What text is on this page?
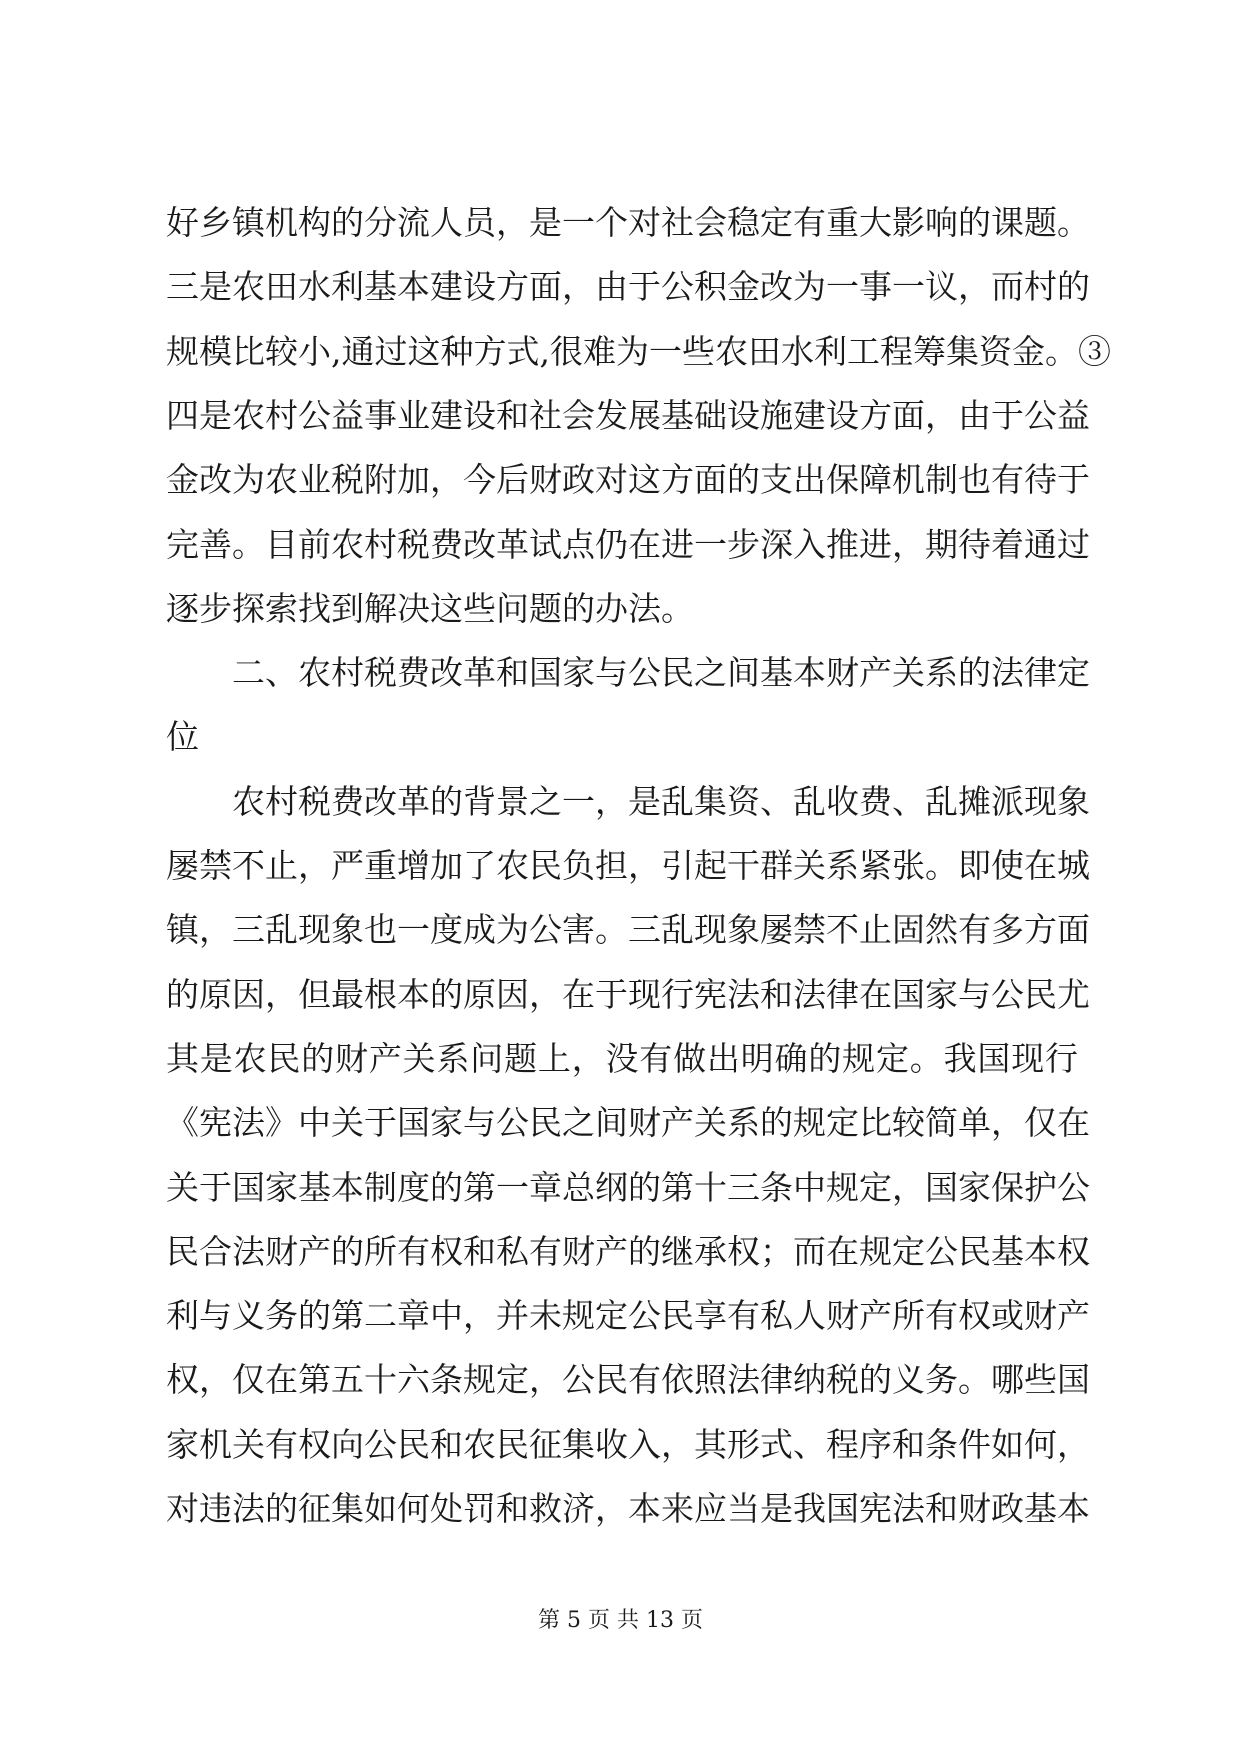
好乡镇机构的分流人员，是一个对社会稳定有重大影响的课题。
三是农田水利基本建设方面，由于公积金改为一事一议，而村的
规模比较小,通过这种方式,很难为一些农田水利工程筹集资金。③
四是农村公益事业建设和社会发展基础设施建设方面，由于公益
金改为农业税附加，今后财政对这方面的支出保障机制也有待于
完善。目前农村税费改革试点仍在进一步深入推进，期待着通过
逐步探索找到解决这些问题的办法。
二、农村税费改革和国家与公民之间基本财产关系的法律定
位
农村税费改革的背景之一，是乱集资、乱收费、乱摊派现象
屡禁不止，严重增加了农民负担，引起干群关系紧张。即使在城
镇，三乱现象也一度成为公害。三乱现象屡禁不止固然有多方面
的原因，但最根本的原因，在于现行宪法和法律在国家与公民尤
其是农民的财产关系问题上，没有做出明确的规定。我国现行
《宪法》中关于国家与公民之间财产关系的规定比较简单，仅在
关于国家基本制度的第一章总纲的第十三条中规定，国家保护公
民合法财产的所有权和私有财产的继承权；而在规定公民基本权
利与义务的第二章中，并未规定公民享有私人财产所有权或财产
权，仅在第五十六条规定，公民有依照法律纳税的义务。哪些国
家机关有权向公民和农民征集收入，其形式、程序和条件如何，
对违法的征集如何处罚和救济，本来应当是我国宪法和财政基本
第 5 页 共 13 页
